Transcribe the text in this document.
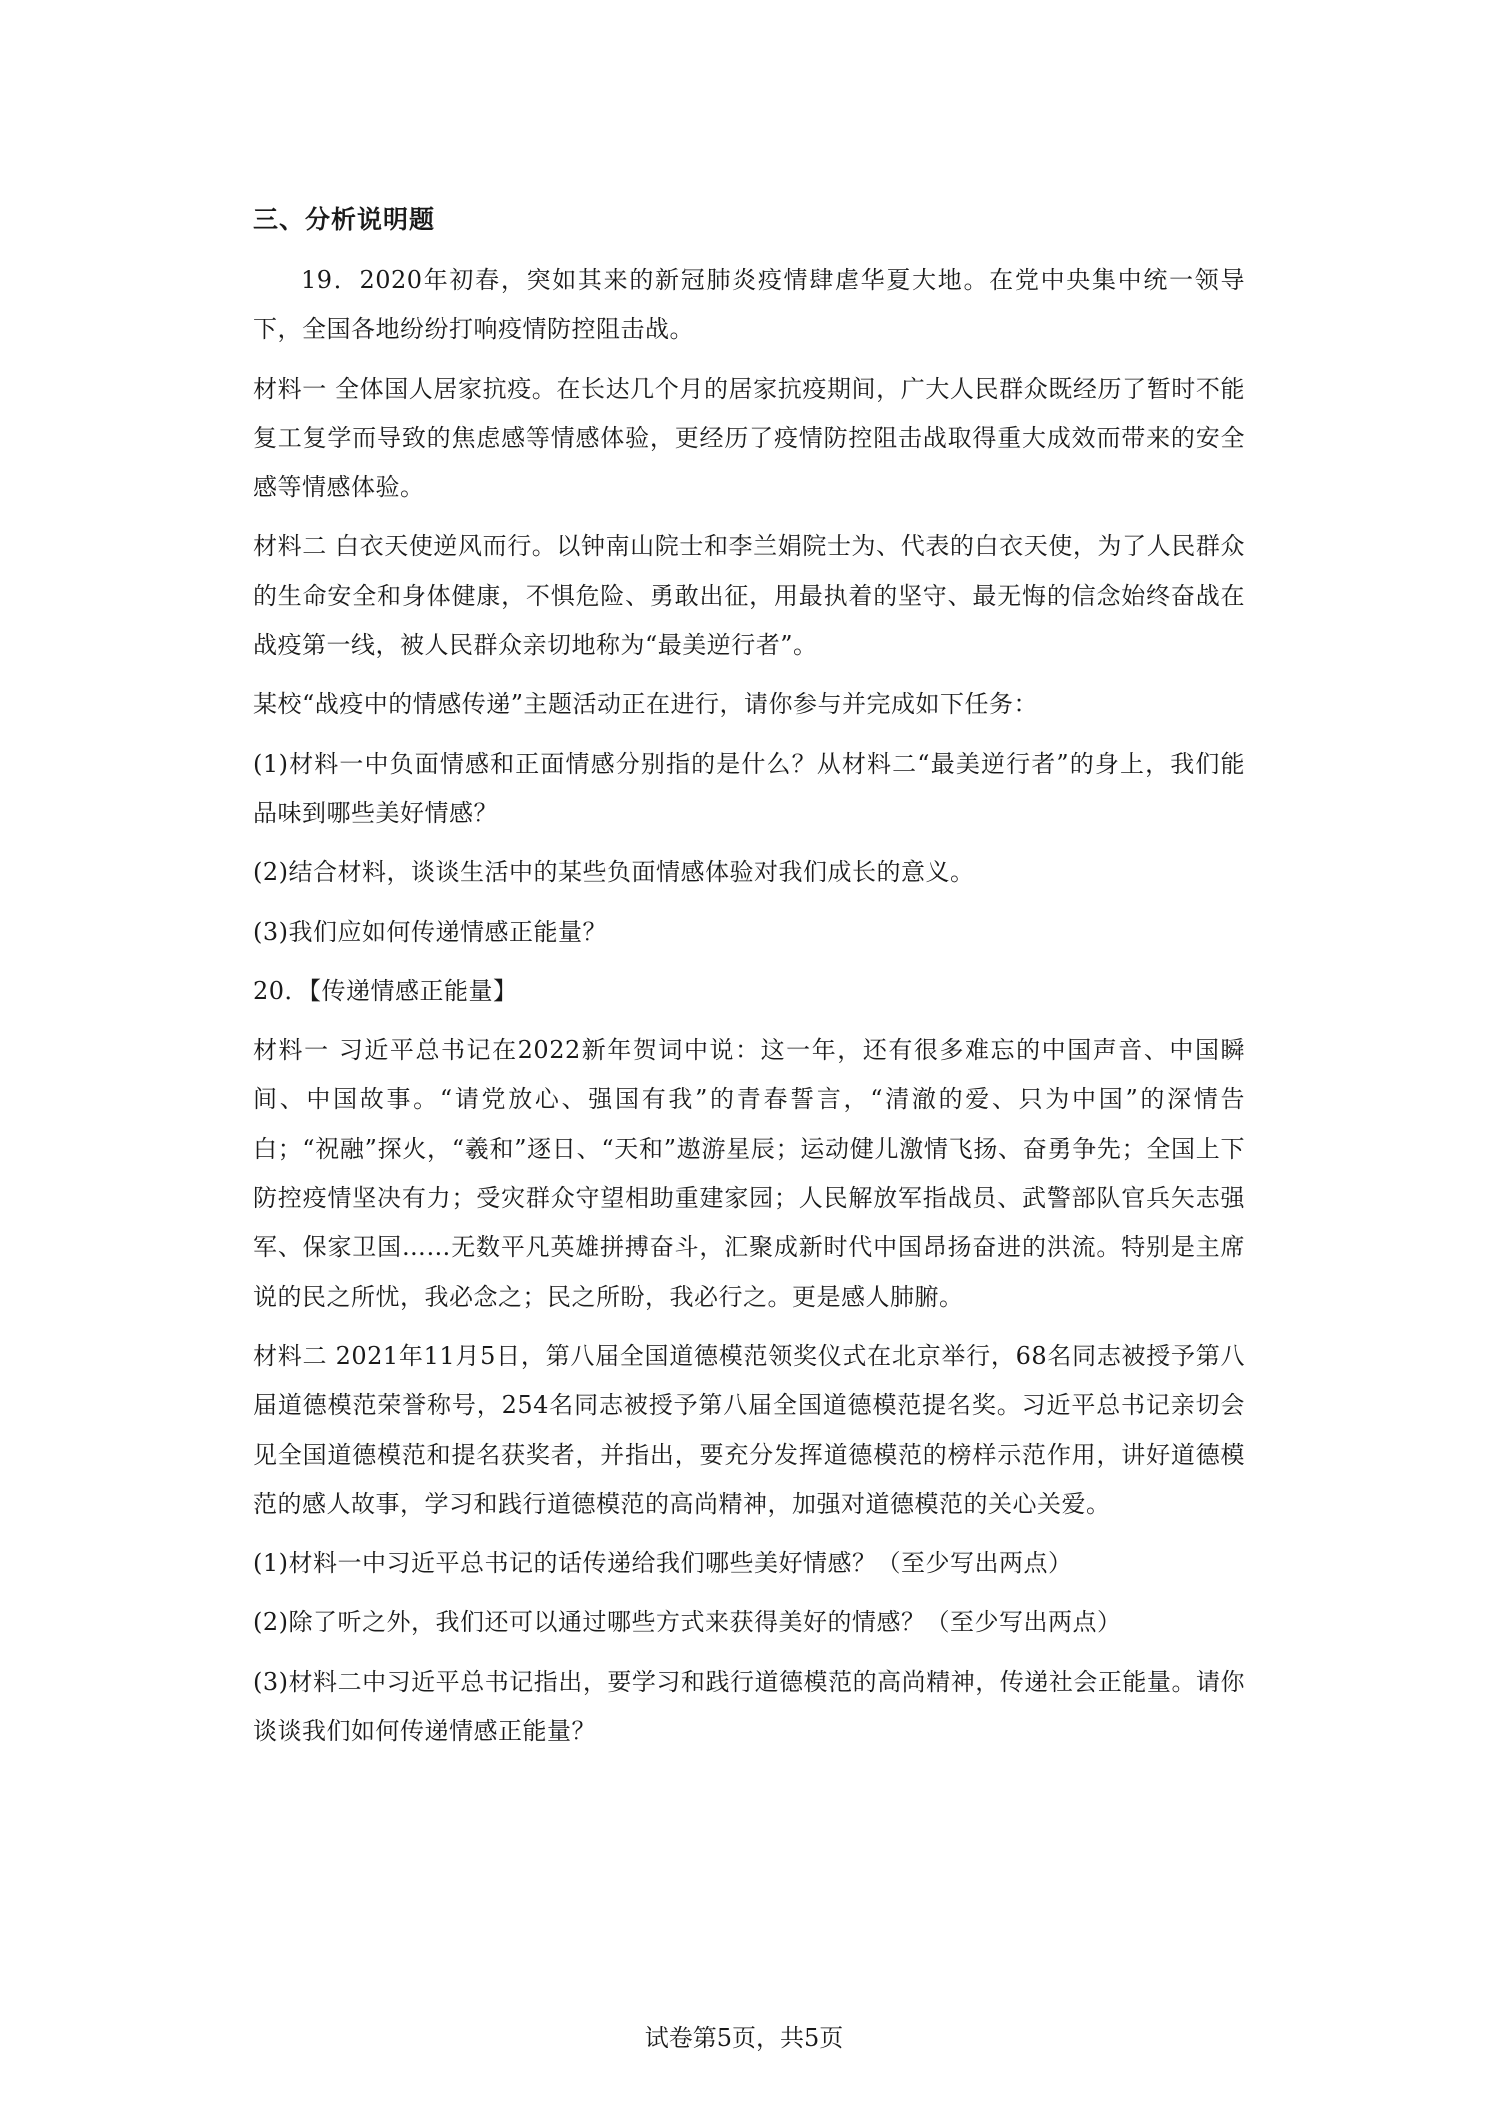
三、分析说明题

19．2020年初春，突如其来的新冠肺炎疫情肆虐华夏大地。在党中央集中统一领导下，全国各地纷纷打响疫情防控阻击战。

材料一 全体国人居家抗疫。在长达几个月的居家抗疫期间，广大人民群众既经历了暂时不能复工复学而导致的焦虑感等情感体验，更经历了疫情防控阻击战取得重大成效而带来的安全感等情感体验。

材料二 白衣天使逆风而行。以钟南山院士和李兰娟院士为、代表的白衣天使，为了人民群众的生命安全和身体健康，不惧危险、勇敢出征，用最执着的坚守、最无悔的信念始终奋战在战疫第一线，被人民群众亲切地称为“最美逆行者”。

某校“战疫中的情感传递”主题活动正在进行，请你参与并完成如下任务：

(1)材料一中负面情感和正面情感分别指的是什么？从材料二“最美逆行者”的身上，我们能品味到哪些美好情感？

(2)结合材料，谈谈生活中的某些负面情感体验对我们成长的意义。

(3)我们应如何传递情感正能量？

20．【传递情感正能量】

材料一 习近平总书记在2022新年贺词中说：这一年，还有很多难忘的中国声音、中国瞬间、中国故事。“请党放心、强国有我”的青春誓言，“清澈的爱、只为中国”的深情告白；“祝融”探火，“羲和”逐日、“天和”遨游星辰；运动健儿激情飞扬、奋勇争先；全国上下防控疫情坚决有力；受灾群众守望相助重建家园；人民解放军指战员、武警部队官兵矢志强军、保家卫国……无数平凡英雄拼搏奋斗，汇聚成新时代中国昂扬奋进的洪流。特别是主席说的民之所忧，我必念之；民之所盼，我必行之。更是感人肺腑。

材料二 2021年11月5日，第八届全国道德模范领奖仪式在北京举行，68名同志被授予第八届道德模范荣誉称号，254名同志被授予第八届全国道德模范提名奖。习近平总书记亲切会见全国道德模范和提名获奖者，并指出，要充分发挥道德模范的榜样示范作用，讲好道德模范的感人故事，学习和践行道德模范的高尚精神，加强对道德模范的关心关爱。

(1)材料一中习近平总书记的话传递给我们哪些美好情感？（至少写出两点）

(2)除了听之外，我们还可以通过哪些方式来获得美好的情感？（至少写出两点）

(3)材料二中习近平总书记指出，要学习和践行道德模范的高尚精神，传递社会正能量。请你谈谈我们如何传递情感正能量？

试卷第5页，共5页
